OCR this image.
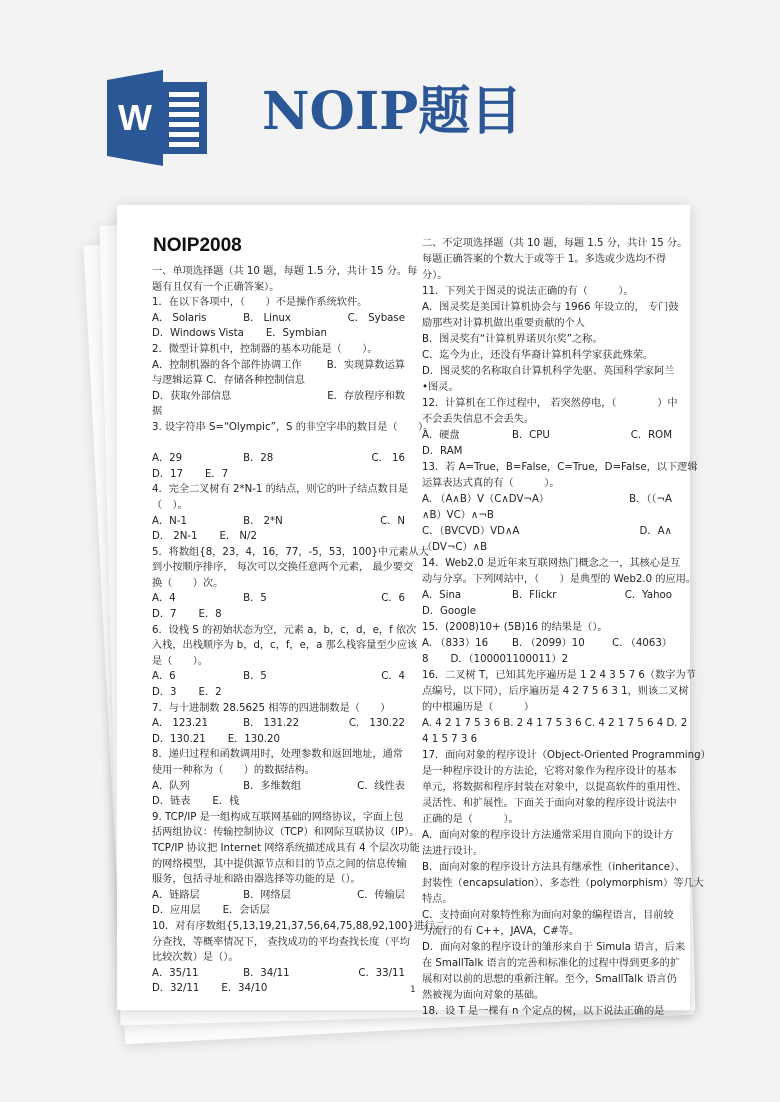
W NOIP题目
NOIP2008
一、单项选择题（共 10 题，每题 1.5 分，共计 15 分。每
题有且仅有一个正确答案）。
1．在以下各项中，（　　）不是操作系统软件。
A． Solaris	B． Linux	C． Sybase
D．Windows Vista E．Symbian
2．微型计算机中，控制器的基本功能是（　　）。
A．控制机器的各个部件协调工作 B．实现算数运算
与逻辑运算 C．存储各种控制信息
D．获取外部信息	E．存放程序和数
据
3. 设字符串 S=“Olympic”，S 的非空字串的数目是（　　）。
A．29	B．28	C． 16
D．17 E．7
4．完全二叉树有 2*N-1 的结点，则它的叶子结点数目是
（　）。
A．N-1	B． 2*N	C．N
D． 2N-1 E． N/2
5．将数组{8，23，4，16，77，-5，53，100}中元素从大
到小按顺序排序， 每次可以交换任意两个元素， 最少要交
换（　　）次。
A．4	B．5	C．6
D．7 E．8
6．设栈 S 的初始状态为空，元素 a，b，c，d，e，f 依次
入栈，出栈顺序为 b，d，c，f，e，a 那么栈容量至少应该
是（　　）。
A．6	B．5	C．4
D．3 E．2
7．与十进制数 28.5625 相等的四进制数是（　　）
A． 123.21	B． 131.22	C． 130.22
D．130.21 E．130.20
8．递归过程和函数调用时，处理参数和返回地址，通常
使用一种称为（　　）的数据结构。
A．队列	B．多维数组	C．线性表
D．链表 E．栈
9. TCP/IP 是一组构成互联网基础的网络协议，字面上包
括两组协议：传输控制协议（TCP）和网际互联协议（IP）。
TCP/IP 协议把 Internet 网络系统描述成具有 4 个层次功能
的网络模型，其中提供源节点和目的节点之间的信息传输
服务，包括寻址和路由器选择等功能的是（）。
A．链路层	B．网络层	C．传输层
D．应用层 E．会话层
10．对有序数组{5,13,19,21,37,56,64,75,88,92,100}进行二
分查找，等概率情况下， 查找成功的平均查找长度（平均
比较次数）是（）。
A．35/11	B．34/11	C．33/11
D．32/11 E．34/10
二、不定项选择题（共 10 题，每题 1.5 分，共计 15 分。
每题正确答案的个数大于或等于 1。多选或少选均不得
分）。
11．下列关于图灵的说法正确的有（　　　）。
A．图灵奖是美国计算机协会与 1966 年设立的， 专门鼓
励那些对计算机做出重要贡献的个人
B．图灵奖有“计算机界诺贝尔奖”之称。
C．迄今为止，还没有华裔计算机科学家获此殊荣。
D．图灵奖的名称取自计算机科学先驱、英国科学家阿兰
•图灵。
12．计算机在工作过程中， 若突然停电，（　　　　）中
不会丢失信息不会丢失。
A．硬盘	B．CPU	C．ROM
D．RAM
13．若 A=True，B=False，C=True，D=False，以下逻辑
运算表达式真的有（　　　）。
A. （A∧B）V（C∧DV¬A）	B．（（¬A
∧B）VC）∧¬B
C．（BVCVD）VD∧A	D．A∧
（DV¬C）∧B
14．Web2.0 是近年来互联网热门概念之一，其核心是互
动与分享。下列网站中，（　　）是典型的 Web2.0 的应用。
A．Sina	B．Flickr	C．Yahoo
D．Google
15．(2008)10+ (5B)16 的结果是（）。
A. （833）16 B. （2099）10	C. （4063）
8 D．（100001100011）2
16．二叉树 T，已知其先序遍历是 1 2 4 3 5 7 6（数字为节
点编号，以下同），后序遍历是 4 2 7 5 6 3 1，则该二叉树
的中根遍历是（　　　）
A. 4 2 1 7 5 3 6 B. 2 4 1 7 5 3 6 C. 4 2 1 7 5 6 4 D. 2
4 1 5 7 3 6
17．面向对象的程序设计（Object-Oriented Programming）
是一种程序设计的方法论，它将对象作为程序设计的基本
单元，将数据和程序封装在对象中，以提高软件的重用性、
灵活性、和扩展性。下面关于面向对象的程序设计说法中
正确的是（　　　）。
A．面向对象的程序设计方法通常采用自顶向下的设计方
法进行设计。
B．面向对象的程序设计方法具有继承性（inheritance）、
封装性（encapsulation）、多态性（polymorphism）等几大
特点。
C．支持面向对象特性称为面向对象的编程语言，目前较
为流行的有 C++，JAVA，C#等。
D．面向对象的程序设计的雏形来自于 Simula 语言，后来
在 SmallTalk 语言的完善和标准化的过程中得到更多的扩
展和对以前的思想的重新注解。至今，SmallTalk 语言仍
然被视为面向对象的基础。
18．设 T 是一棵有 n 个定点的树，以下说法正确的是
1
